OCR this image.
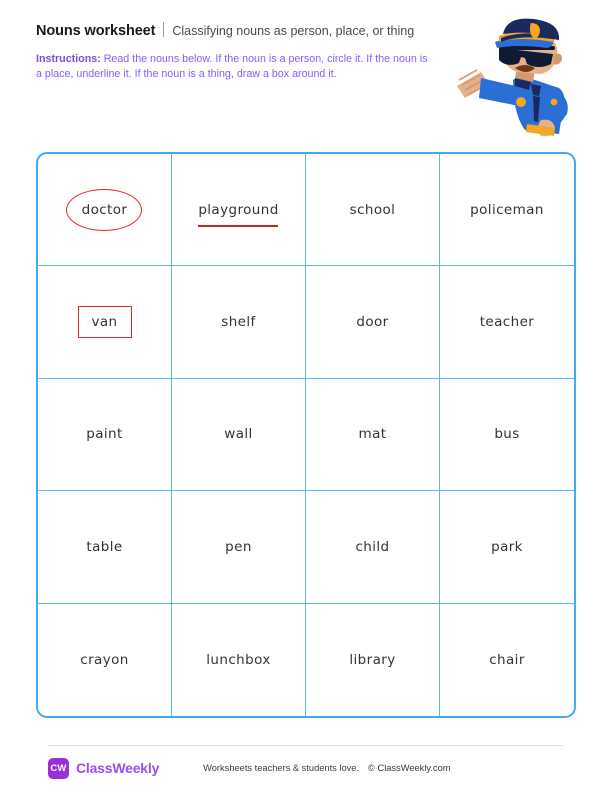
Nouns worksheet Classifying nouns as person, place, or thing
Instructions: Read the nouns below. If the noun is a person, circle it. If the noun is a place, underline it. If the noun is a thing, draw a box around it.
doctor	playground	school	policeman
van	shelf	door	teacher
paint	wall	mat	bus
table	pen	child	park
crayon	lunchbox	library	chair
CW ClassWeekly	Worksheets teachers & students love. © ClassWeekly.com
